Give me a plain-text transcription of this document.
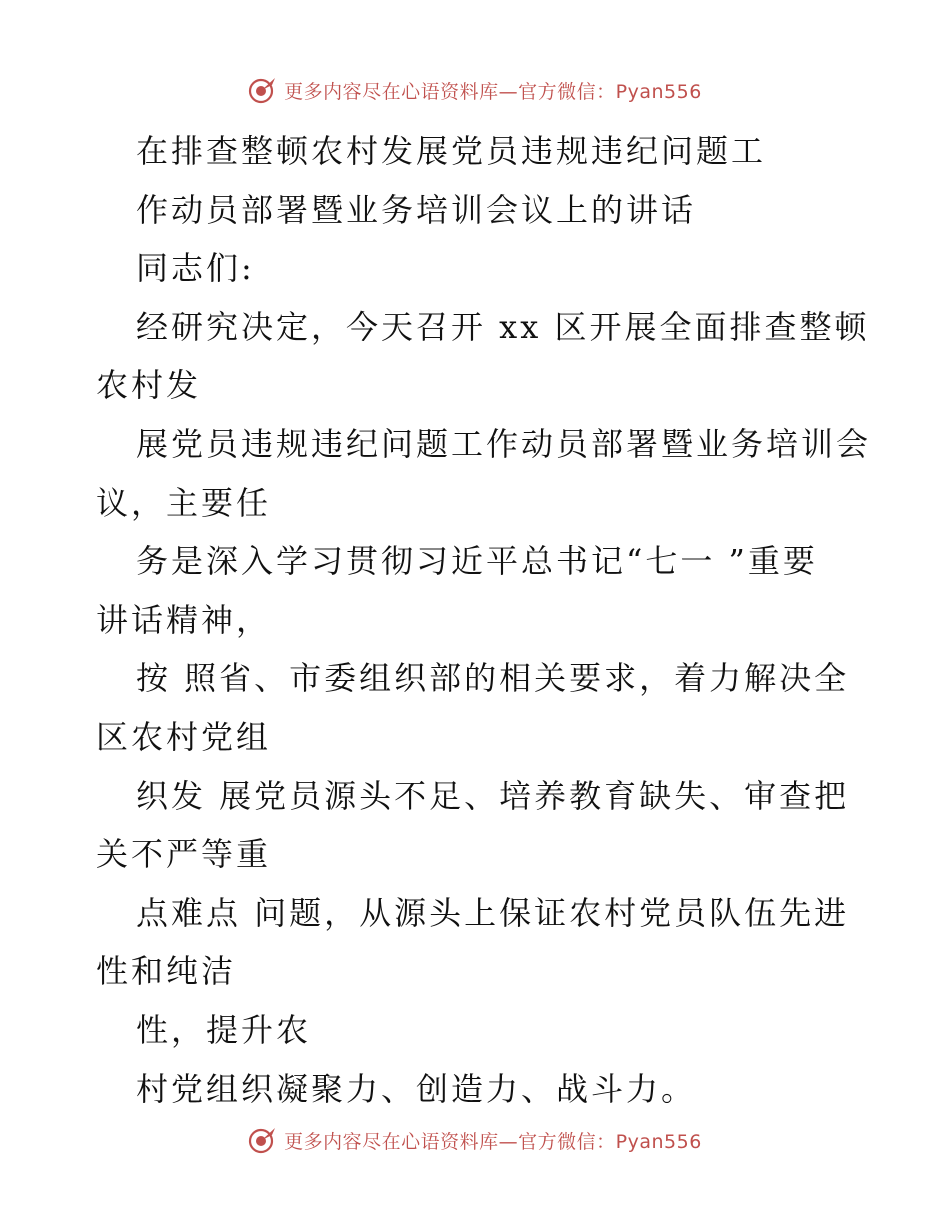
更多内容尽在心语资料库—官方微信：Pyan556
在排查整顿农村发展党员违规违纪问题工
作动员部署暨业务培训会议上的讲话
同志们:
经研究决定，今天召开 xx 区开展全面排查整顿
农村发
展党员违规违纪问题工作动员部署暨业务培训会
议，主要任
务是深入学习贯彻习近平总书记“七一 ”重要
讲话精神，
按 照省、市委组织部的相关要求，着力解决全
区农村党组
织发 展党员源头不足、培养教育缺失、审查把
关不严等重
点难点 问题，从源头上保证农村党员队伍先进
性和纯洁
性，提升农
村党组织凝聚力、创造力、战斗力。
更多内容尽在心语资料库—官方微信：Pyan556
